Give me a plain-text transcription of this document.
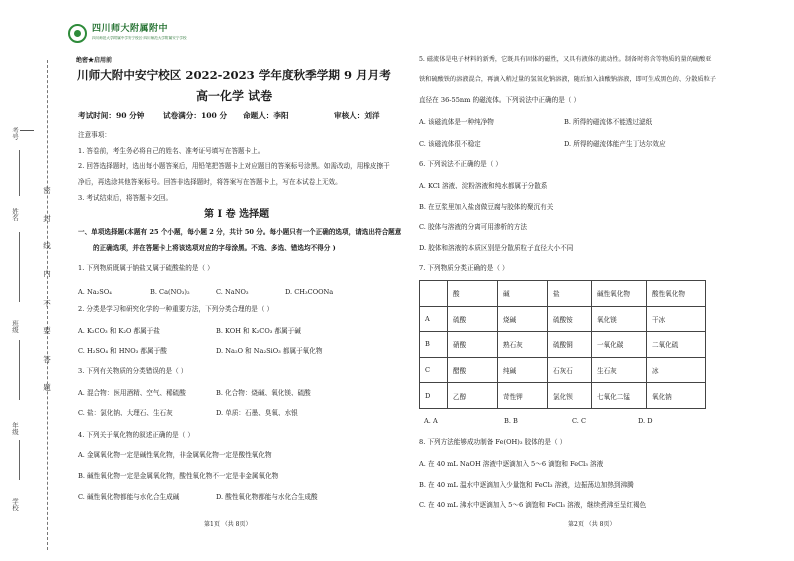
考号
姓名
班级
年级
学校
密
封
线
内
不
要
答
题
四川师大附属附中
四川师范大学附属中学安宁校区·四川师范大学附属安宁学校
绝密★启用前
川师大附中安宁校区 2022-2023 学年度秋季学期 9 月月考
高一化学 试卷
考试时间：90 分钟 试卷满分：100 分 命题人：李阳	审核人：刘洋
注意事项：
1. 答卷前，考生务必将自己的姓名、准考证号填写在答题卡上。
2. 回答选择题时，选出每小题答案后，用铅笔把答题卡上对应题目的答案标号涂黑。如需改动，用橡皮擦干
净后，再选涂其他答案标号。回答非选择题时，将答案写在答题卡上，写在本试卷上无效。
3. 考试结束后，将答题卡交回。
第 I 卷 选择题
一、单项选择题(本题有 25 个小题，每小题 2 分，共计 50 分。每小题只有一个正确的选项，请选出符合题意
的正确选项，并在答题卡上将该选项对应的字母涂黑。不选、多选、错选均不得分 )
1. 下列物质既属于钠盐又属于硫酸盐的是（ ）
A. Na₂SO₄	B. Ca(NO₃)₂	C. NaNO₃	D. CH₃COONa
2. 分类是学习和研究化学的一种重要方法，下列分类合理的是（ ）
A. K₂CO₃ 和 K₂O 都属于盐	B. KOH 和 K₂CO₃ 都属于碱
C. H₂SO₄ 和 HNO₃ 都属于酸	D. Na₂O 和 Na₂SiO₃ 都属于氧化物
3. 下列有关物质的分类错误的是（ ）
A. 混合物：医用酒精、空气、稀硫酸	B. 化合物：烧碱、氧化镁、硫酸
C. 盐：氯化钠、大理石、生石灰	D. 单质：石墨、臭氧、水银
4. 下列关于氧化物的叙述正确的是（ ）
A. 金属氧化物一定是碱性氧化物，非金属氧化物一定是酸性氧化物
B. 碱性氧化物一定是金属氧化物，酸性氧化物不一定是非金属氧化物
C. 碱性氧化物都能与水化合生成碱	D. 酸性氧化物都能与水化合生成酸
第1页 （共 8页）
5. 磁流体是电子材料的新秀，它既具有固体的磁性，又具有液体的流动性。制备时将含等物质的量的硫酸亚
铁和硫酸铁的溶液混合，再滴入稍过量的氢氧化钠溶液，随后加入油酸钠溶液，即可生成黑色的、分散质粒子
直径在 36-55nm 的磁流体。下列说法中正确的是（ ）
A. 该磁流体是一种纯净物	B. 所得的磁流体不能透过滤纸
C. 该磁流体很不稳定	D. 所得的磁流体能产生丁达尔效应
6. 下列说法不正确的是（ ）
A. KCl 溶液、淀粉溶液和纯水都属于分散系
B. 在豆浆里加入盐卤做豆腐与胶体的聚沉有关
C. 胶体与溶液的分离可用渗析的方法
D. 胶体和溶液的本质区别是分散质粒子直径大小不同
7. 下列物质分类正确的是（ ）
	酸	碱	盐	碱性氧化物	酸性氧化物
A	硫酸	烧碱	硫酸铵	氧化镁	干冰
B	硝酸	熟石灰	硫酸铜	一氧化碳	二氧化硫
C	醋酸	纯碱	石灰石	生石灰	冰
D	乙醇	苛性钾	氯化钡	七氧化二锰	氧化钠
A. A	B. B	C. C	D. D
8. 下列方法能够成功制备 Fe(OH)₃ 胶体的是（ ）
A. 在 40 mL NaOH 溶液中逐滴加入 5～6 滴饱和 FeCl₃ 溶液
B. 在 40 mL 温水中逐滴加入少量饱和 FeCl₃ 溶液，边振荡边加热到沸腾
C. 在 40 mL 沸水中逐滴加入 5～6 滴饱和 FeCl₃ 溶液，继续煮沸至呈红褐色
第2页 （共 8页）
